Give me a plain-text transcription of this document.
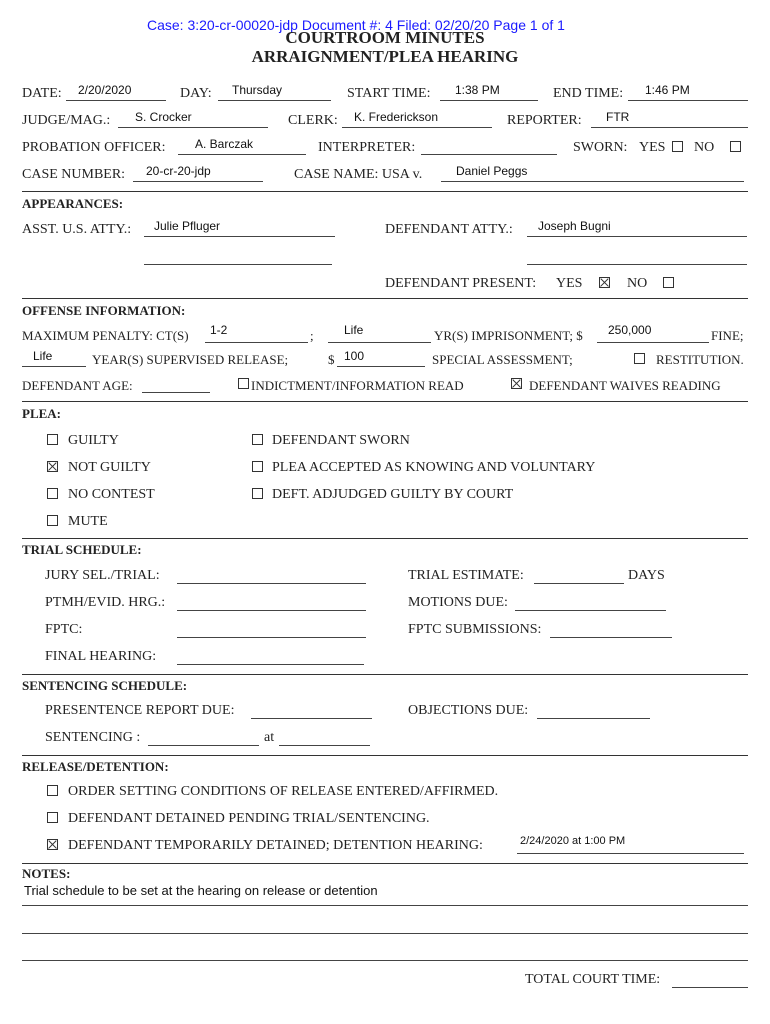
Case: 3:20-cr-00020-jdp Document #: 4 Filed: 02/20/20 Page 1 of 1
COURTROOM MINUTES
ARRAIGNMENT/PLEA HEARING
DATE: 2/20/2020	DAY: Thursday	START TIME: 1:38 PM	END TIME: 1:46 PM
JUDGE/MAG.: S. Crocker	CLERK: K. Frederickson	REPORTER: FTR
PROBATION OFFICER: A. Barczak	INTERPRETER:	SWORN: YES NO
CASE NUMBER: 20-cr-20-jdp	CASE NAME: USA v.	Daniel Peggs
APPEARANCES:
ASST. U.S. ATTY.: Julie Pfluger	DEFENDANT ATTY.: Joseph Bugni
DEFENDANT PRESENT: YES	NO
OFFENSE INFORMATION:
MAXIMUM PENALTY: CT(S) 1-2	;	Life	YR(S) IMPRISONMENT; $ 250,000	FINE;
Life	YEAR(S) SUPERVISED RELEASE;	$ 100	SPECIAL ASSESSMENT;	RESTITUTION.
DEFENDANT AGE:	INDICTMENT/INFORMATION READ	DEFENDANT WAIVES READING
PLEA:
GUILTY
NOT GUILTY
NO CONTEST
MUTE
DEFENDANT SWORN
PLEA ACCEPTED AS KNOWING AND VOLUNTARY
DEFT. ADJUDGED GUILTY BY COURT
TRIAL SCHEDULE:
JURY SEL./TRIAL:	TRIAL ESTIMATE:	DAYS
PTMH/EVID. HRG.:	MOTIONS DUE:
FPTC:	FPTC SUBMISSIONS:
FINAL HEARING:
SENTENCING SCHEDULE:
PRESENTENCE REPORT DUE:	OBJECTIONS DUE:
SENTENCING :	at
RELEASE/DETENTION:
ORDER SETTING CONDITIONS OF RELEASE ENTERED/AFFIRMED.
DEFENDANT DETAINED PENDING TRIAL/SENTENCING.
DEFENDANT TEMPORARILY DETAINED; DETENTION HEARING:	2/24/2020 at 1:00 PM
NOTES:
Trial schedule to be set at the hearing on release or detention
TOTAL COURT TIME:
